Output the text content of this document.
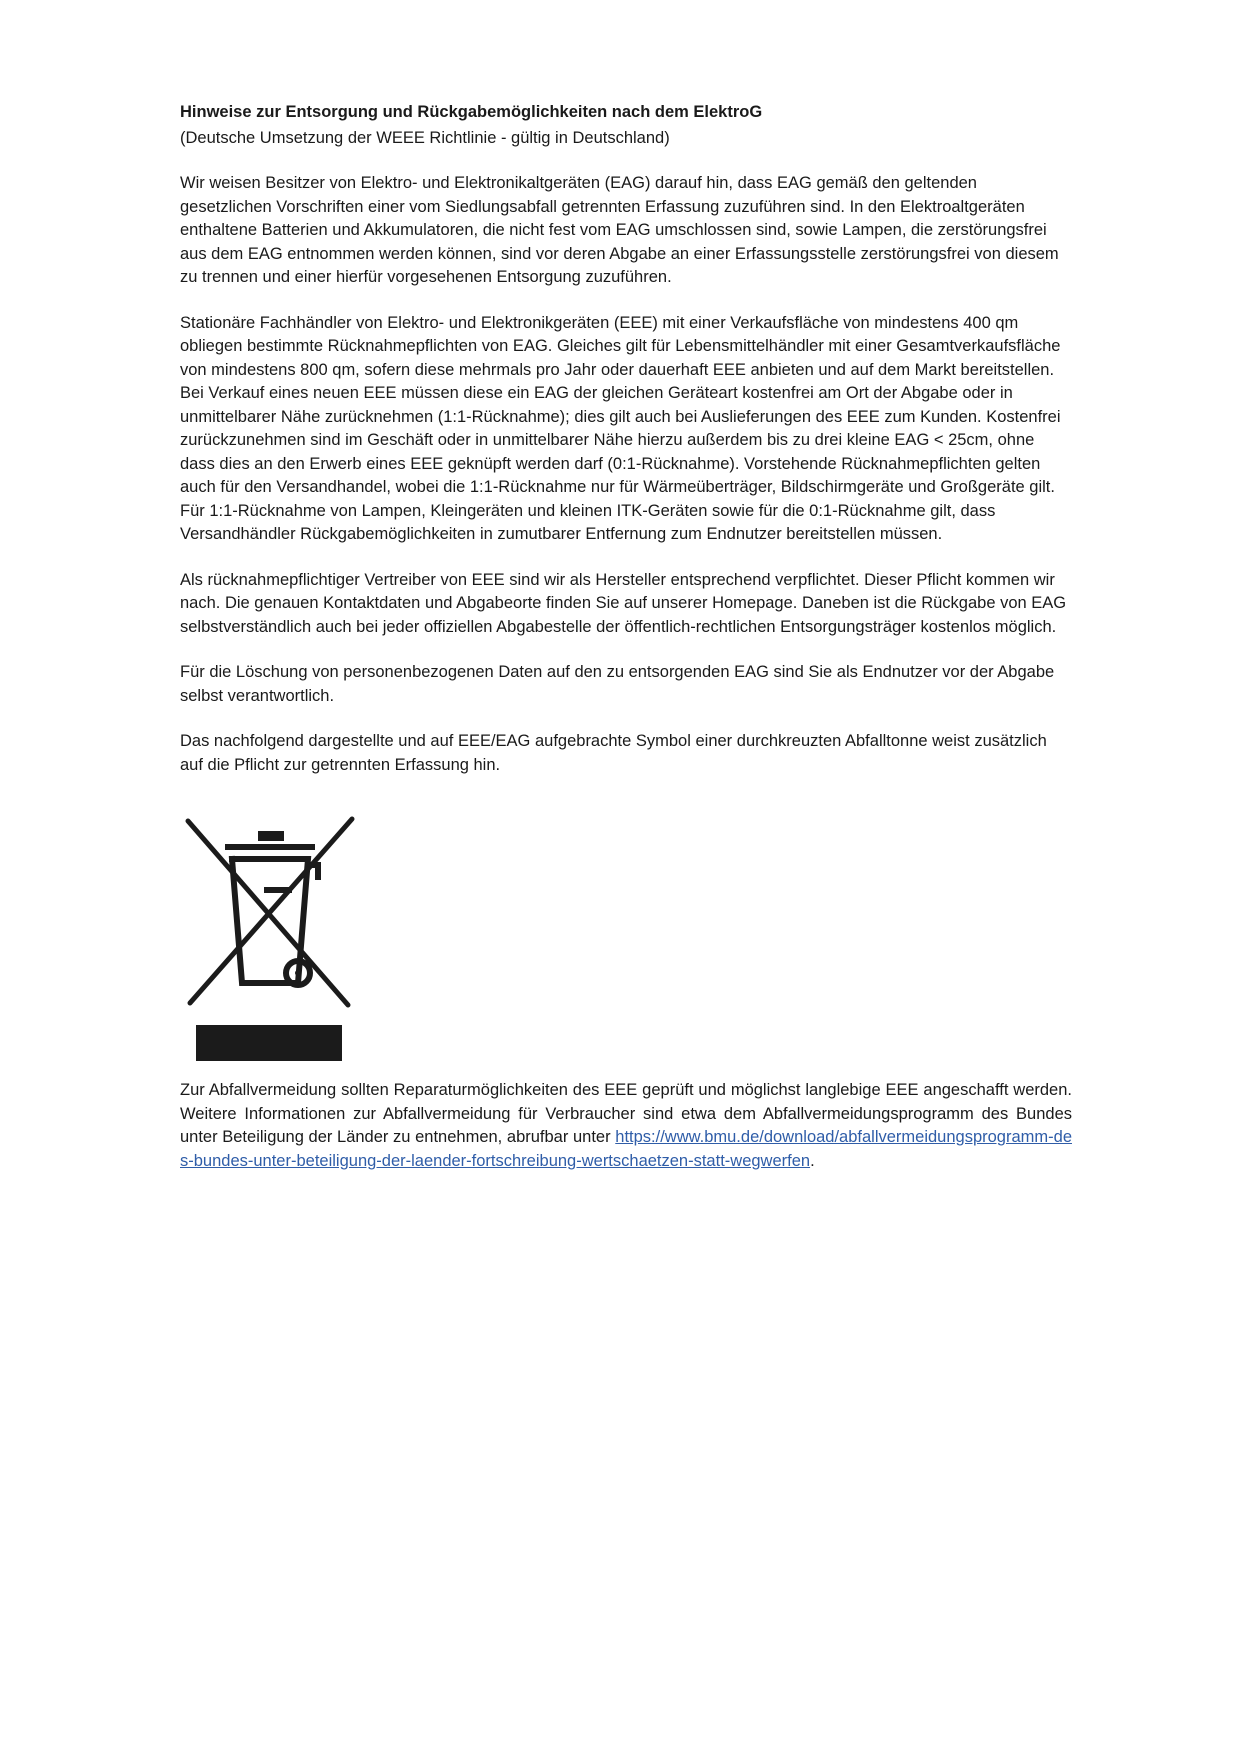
Hinweise zur Entsorgung und Rückgabemöglichkeiten nach dem ElektroG
(Deutsche Umsetzung der WEEE Richtlinie - gültig in Deutschland)

Wir weisen Besitzer von Elektro- und Elektronikaltgeräten (EAG) darauf hin, dass EAG gemäß den geltenden gesetzlichen Vorschriften einer vom Siedlungsabfall getrennten Erfassung zuzuführen sind. In den Elektroaltgeräten enthaltene Batterien und Akkumulatoren, die nicht fest vom EAG umschlossen sind, sowie Lampen, die zerstörungsfrei aus dem EAG entnommen werden können, sind vor deren Abgabe an einer Erfassungsstelle zerstörungsfrei von diesem zu trennen und einer hierfür vorgesehenen Entsorgung zuzuführen.

Stationäre Fachhändler von Elektro- und Elektronikgeräten (EEE) mit einer Verkaufsfläche von mindestens 400 qm obliegen bestimmte Rücknahmepflichten von EAG. Gleiches gilt für Lebensmittelhändler mit einer Gesamtverkaufsfläche von mindestens 800 qm, sofern diese mehrmals pro Jahr oder dauerhaft EEE anbieten und auf dem Markt bereitstellen. Bei Verkauf eines neuen EEE müssen diese ein EAG der gleichen Geräteart kostenfrei am Ort der Abgabe oder in unmittelbarer Nähe zurücknehmen (1:1-Rücknahme); dies gilt auch bei Auslieferungen des EEE zum Kunden. Kostenfrei zurückzunehmen sind im Geschäft oder in unmittelbarer Nähe hierzu außerdem bis zu drei kleine EAG < 25cm, ohne dass dies an den Erwerb eines EEE geknüpft werden darf (0:1-Rücknahme). Vorstehende Rücknahmepflichten gelten auch für den Versandhandel, wobei die 1:1-Rücknahme nur für Wärmeüberträger, Bildschirmgeräte und Großgeräte gilt. Für 1:1-Rücknahme von Lampen, Kleingeräten und kleinen ITK-Geräten sowie für die 0:1-Rücknahme gilt, dass Versandhändler Rückgabemöglichkeiten in zumutbarer Entfernung zum Endnutzer bereitstellen müssen.

Als rücknahmepflichtiger Vertreiber von EEE sind wir als Hersteller entsprechend verpflichtet. Dieser Pflicht kommen wir nach. Die genauen Kontaktdaten und Abgabeorte finden Sie auf unserer Homepage. Daneben ist die Rückgabe von EAG selbstverständlich auch bei jeder offiziellen Abgabestelle der öffentlich-rechtlichen Entsorgungsträger kostenlos möglich.

Für die Löschung von personenbezogenen Daten auf den zu entsorgenden EAG sind Sie als Endnutzer vor der Abgabe selbst verantwortlich.

Das nachfolgend dargestellte und auf EEE/EAG aufgebrachte Symbol einer durchkreuzten Abfalltonne weist zusätzlich auf die Pflicht zur getrennten Erfassung hin.

Zur Abfallvermeidung sollten Reparaturmöglichkeiten des EEE geprüft und möglichst langlebige EEE angeschafft werden. Weitere Informationen zur Abfallvermeidung für Verbraucher sind etwa dem Abfallvermeidungsprogramm des Bundes unter Beteiligung der Länder zu entnehmen, abrufbar unter https://www.bmu.de/download/abfallvermeidungsprogramm-des-bundes-unter-beteiligung-der-laender-fortschreibung-wertschaetzen-statt-wegwerfen.
